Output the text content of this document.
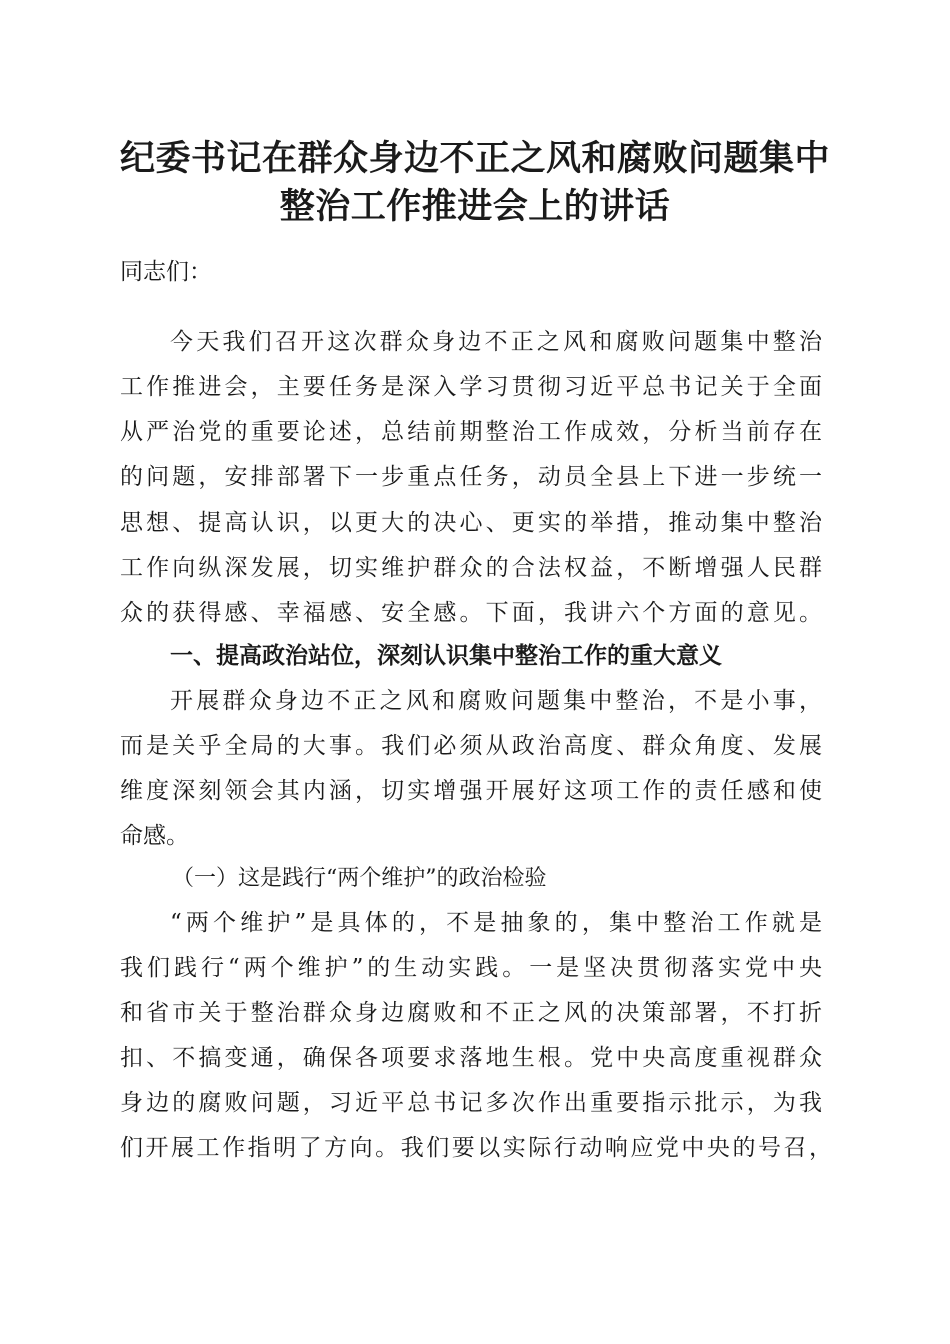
纪委书记在群众身边不正之风和腐败问题集中
整治工作推进会上的讲话

同志们：

今天我们召开这次群众身边不正之风和腐败问题集中整治

工作推进会，主要任务是深入学习贯彻习近平总书记关于全面

从严治党的重要论述，总结前期整治工作成效，分析当前存在

的问题，安排部署下一步重点任务，动员全县上下进一步统一

思想、提高认识，以更大的决心、更实的举措，推动集中整治

工作向纵深发展，切实维护群众的合法权益，不断增强人民群

众的获得感、幸福感、安全感。下面，我讲六个方面的意见。

一、提高政治站位，深刻认识集中整治工作的重大意义

开展群众身边不正之风和腐败问题集中整治，不是小事，

而是关乎全局的大事。我们必须从政治高度、群众角度、发展

维度深刻领会其内涵，切实增强开展好这项工作的责任感和使

命感。

（一）这是践行“两个维护”的政治检验

“两个维护”是具体的，不是抽象的，集中整治工作就是

我们践行“两个维护”的生动实践。一是坚决贯彻落实党中央

和省市关于整治群众身边腐败和不正之风的决策部署，不打折

扣、不搞变通，确保各项要求落地生根。党中央高度重视群众

身边的腐败问题，习近平总书记多次作出重要指示批示，为我

们开展工作指明了方向。我们要以实际行动响应党中央的号召，
